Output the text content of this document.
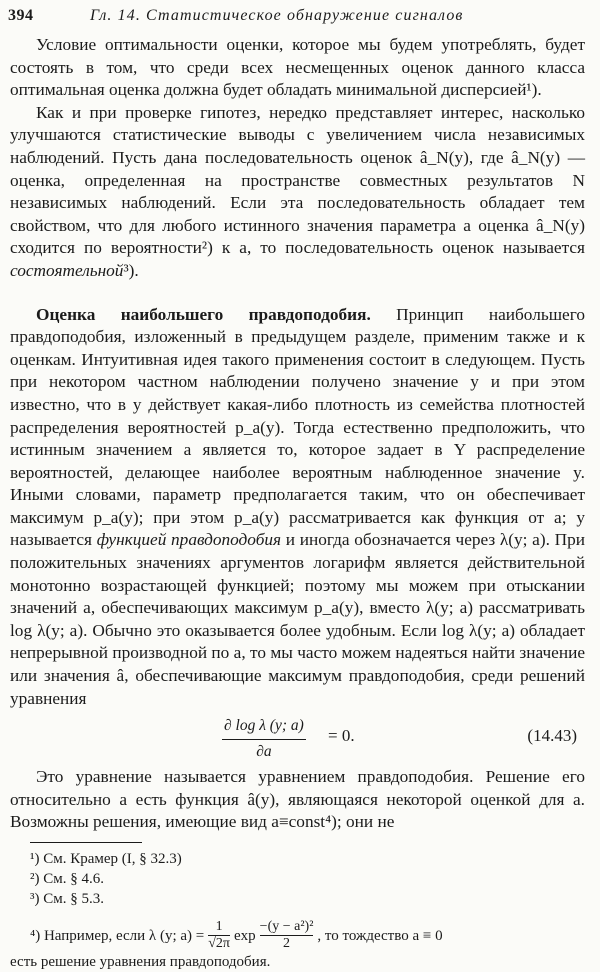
394	Гл. 14. Статистическое обнаружение сигналов

Условие оптимальности оценки, которое мы будем употреблять, будет состоять в том, что среди всех несмещенных оценок данного класса оптимальная оценка должна будет обладать минимальной дисперсией¹).

Как и при проверке гипотез, нередко представляет интерес, насколько улучшаются статистические выводы с увеличением числа независимых наблюдений. Пусть дана последовательность оценок â_N(y), где â_N(y) — оценка, определенная на пространстве совместных результатов N независимых наблюдений. Если эта последовательность обладает тем свойством, что для любого истинного значения параметра a оценка â_N(y) сходится по вероятности²) к a, то последовательность оценок называется состоятельной³).

Оценка наибольшего правдоподобия. Принцип наибольшего правдоподобия, изложенный в предыдущем разделе, применим также и к оценкам. Интуитивная идея такого применения состоит в следующем. Пусть при некотором частном наблюдении получено значение y и при этом известно, что в y действует какая-либо плотность из семейства плотностей распределения вероятностей p_a(y). Тогда естественно предположить, что истинным значением a является то, которое задает в Y распределение вероятностей, делающее наиболее вероятным наблюденное значение y. Иными словами, параметр предполагается таким, что он обеспечивает максимум p_a(y); при этом p_a(y) рассматривается как функция от a; y называется функцией правдоподобия и иногда обозначается через λ(y; a). При положительных значениях аргументов логарифм является действительной монотонно возрастающей функцией; поэтому мы можем при отыскании значений a, обеспечивающих максимум p_a(y), вместо λ(y; a) рассматривать log λ(y; a). Обычно это оказывается более удобным. Если log λ(y; a) обладает непрерывной производной по a, то мы часто можем надеяться найти значение или значения â, обеспечивающие максимум правдоподобия, среди решений уравнения

∂ log λ (y; a)
∂a
= 0.	(14.43)

Это уравнение называется уравнением правдоподобия. Решение его относительно a есть функция â(y), являющаяся некоторой оценкой для a. Возможны решения, имеющие вид a≡const⁴); они не

¹) См. Крамер (I, § 32.3)
²) См. § 4.6.
³) См. § 5.3.
⁴) Например, если λ (y; a) =
1
√2π exp
−(y − a²)²
2 , то тождество a ≡ 0
есть решение уравнения правдоподобия.
